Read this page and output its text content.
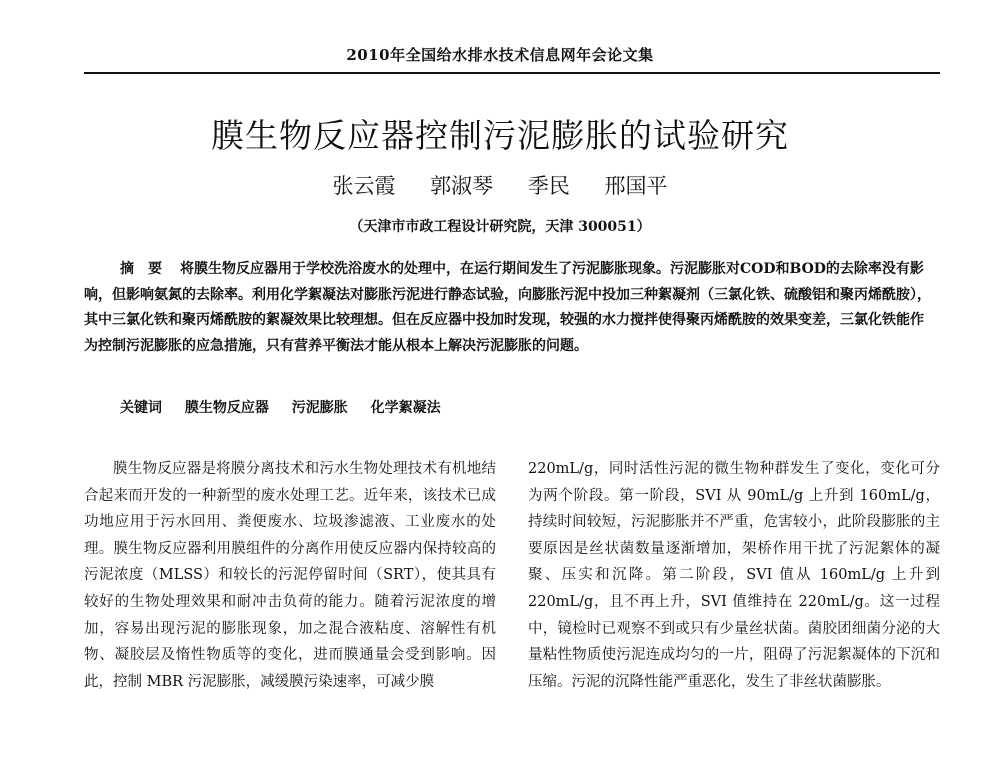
2010年全国给水排水技术信息网年会论文集
膜生物反应器控制污泥膨胀的试验研究
张云霞 郭淑琴 季民 邢国平
（天津市市政工程设计研究院，天津 300051）
摘　要 将膜生物反应器用于学校洗浴废水的处理中，在运行期间发生了污泥膨胀现象。污泥膨胀对COD和BOD的去除率没有影响，但影响氨氮的去除率。利用化学絮凝法对膨胀污泥进行静态试验，向膨胀污泥中投加三种絮凝剂（三氯化铁、硫酸铝和聚丙烯酰胺），其中三氯化铁和聚丙烯酰胺的絮凝效果比较理想。但在反应器中投加时发现，较强的水力搅拌使得聚丙烯酰胺的效果变差，三氯化铁能作为控制污泥膨胀的应急措施，只有营养平衡法才能从根本上解决污泥膨胀的问题。
关键词 膜生物反应器 污泥膨胀 化学絮凝法
膜生物反应器是将膜分离技术和污水生物处理技术有机地结合起来而开发的一种新型的废水处理工艺。近年来，该技术已成功地应用于污水回用、粪便废水、垃圾渗滤液、工业废水的处理。膜生物反应器利用膜组件的分离作用使反应器内保持较高的污泥浓度（MLSS）和较长的污泥停留时间（SRT），使其具有较好的生物处理效果和耐冲击负荷的能力。随着污泥浓度的增加，容易出现污泥的膨胀现象，加之混合液粘度、溶解性有机物、凝胶层及惰性物质等的变化，进而膜通量会受到影响。因此，控制 MBR 污泥膨胀，减缓膜污染速率，可减少膜
220mL/g，同时活性污泥的微生物种群发生了变化，变化可分为两个阶段。第一阶段，SVI 从 90mL/g 上升到 160mL/g，持续时间较短，污泥膨胀并不严重，危害较小，此阶段膨胀的主要原因是丝状菌数量逐渐增加，架桥作用干扰了污泥絮体的凝聚、压实和沉降。第二阶段，SVI 值从 160mL/g 上升到 220mL/g，且不再上升，SVI 值维持在 220mL/g。这一过程中，镜检时已观察不到或只有少量丝状菌。菌胶团细菌分泌的大量粘性物质使污泥连成均匀的一片，阻碍了污泥絮凝体的下沉和压缩。污泥的沉降性能严重恶化，发生了非丝状菌膨胀。
